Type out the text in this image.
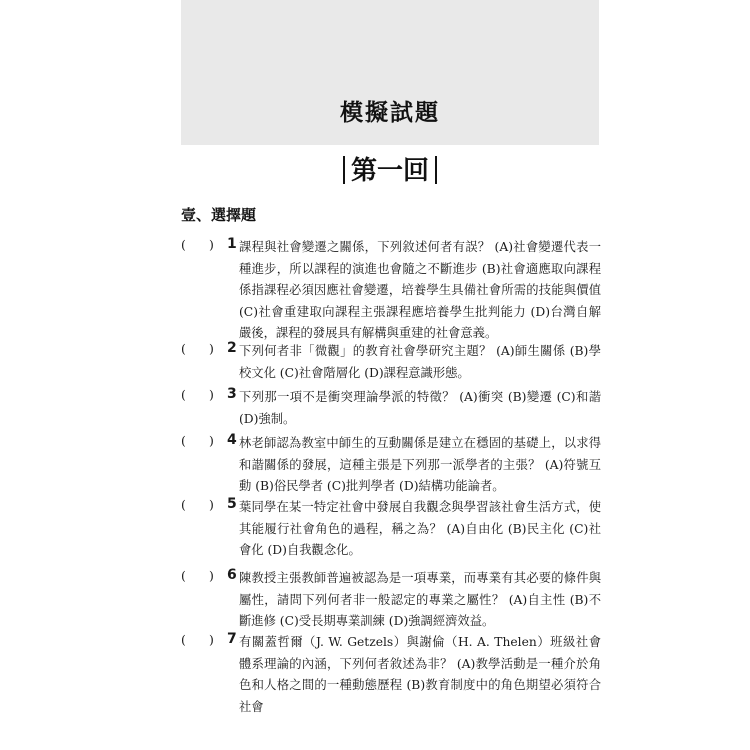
模擬試題
第一回
壹、選擇題
( ) 1 課程與社會變遷之關係，下列敘述何者有誤？ (A)社會變遷代表一種進步，所以課程的演進也會隨之不斷進步 (B)社會適應取向課程係指課程必須因應社會變遷，培養學生具備社會所需的技能與價值 (C)社會重建取向課程主張課程應培養學生批判能力 (D)台灣自解嚴後，課程的發展具有解構與重建的社會意義。
( ) 2 下列何者非「微觀」的教育社會學研究主題？ (A)師生關係 (B)學校文化 (C)社會階層化 (D)課程意識形態。
( ) 3 下列那一項不是衝突理論學派的特徵？ (A)衝突 (B)變遷 (C)和諧 (D)強制。
( ) 4 林老師認為教室中師生的互動關係是建立在穩固的基礎上，以求得和諧關係的發展，這種主張是下列那一派學者的主張？ (A)符號互動 (B)俗民學者 (C)批判學者 (D)結構功能論者。
( ) 5 葉同學在某一特定社會中發展自我觀念與學習該社會生活方式，使其能履行社會角色的過程，稱之為？ (A)自由化 (B)民主化 (C)社會化 (D)自我觀念化。
( ) 6 陳教授主張教師普遍被認為是一項專業，而專業有其必要的條件與屬性，請問下列何者非一般認定的專業之屬性？ (A)自主性 (B)不斷進修 (C)受長期專業訓練 (D)強調經濟效益。
( ) 7 有關蓋哲爾（J. W. Getzels）與謝倫（H. A. Thelen）班級社會體系理論的內涵，下列何者敘述為非？ (A)教學活動是一種介於角色和人格之間的一種動態歷程 (B)教育制度中的角色期望必須符合社會
